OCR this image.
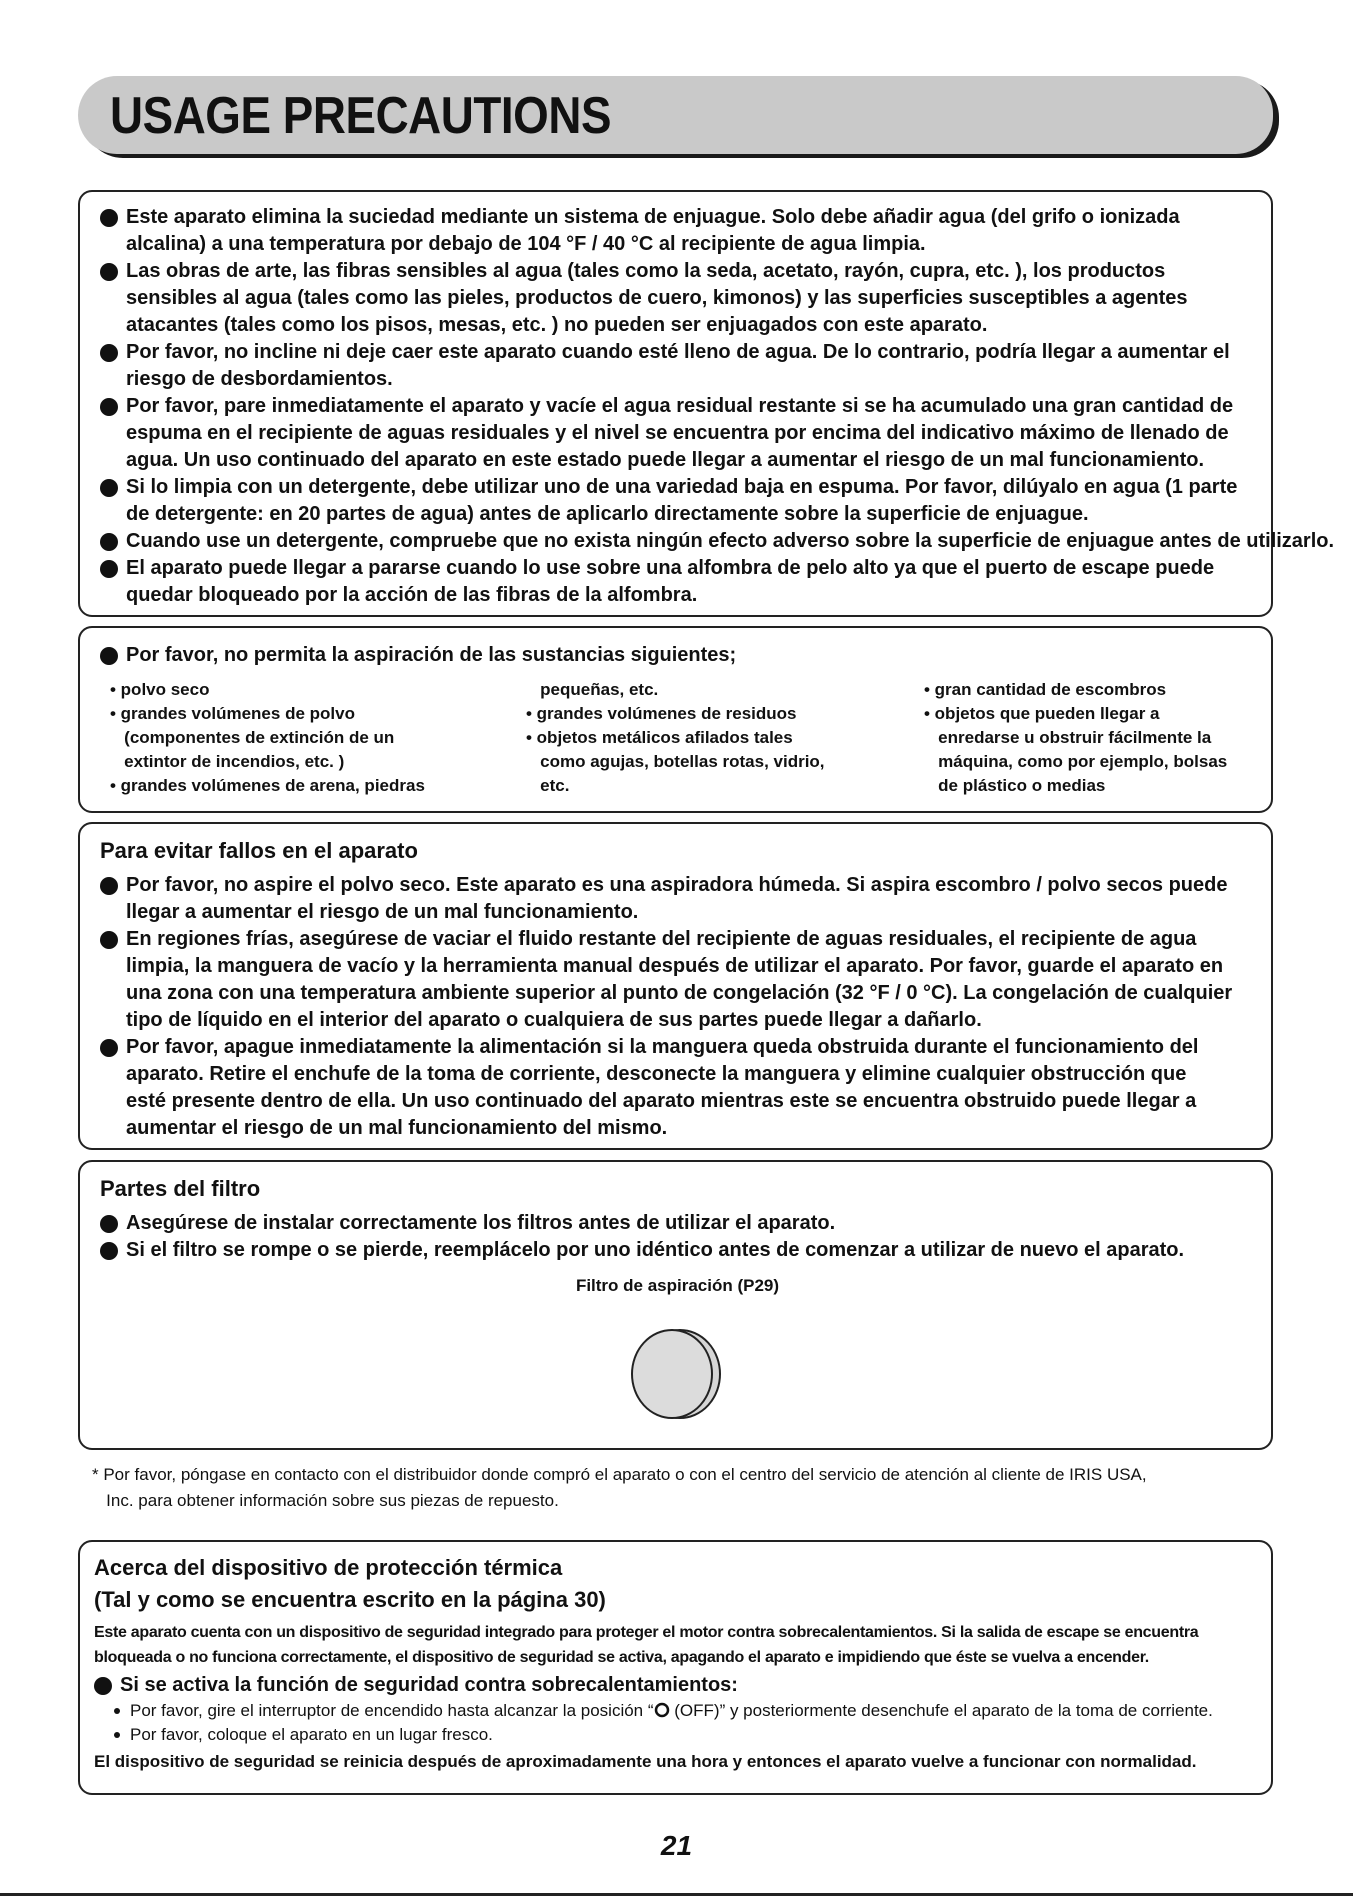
USAGE PRECAUTIONS
Este aparato elimina la suciedad mediante un sistema de enjuague. Solo debe añadir agua (del grifo o ionizada
alcalina) a una temperatura por debajo de 104 °F / 40 °C al recipiente de agua limpia.
Las obras de arte, las fibras sensibles al agua (tales como la seda, acetato, rayón, cupra, etc. ), los productos
sensibles al agua (tales como las pieles, productos de cuero, kimonos) y las superficies susceptibles a agentes
atacantes (tales como los pisos, mesas, etc. ) no pueden ser enjuagados con este aparato.
Por favor, no incline ni deje caer este aparato cuando esté lleno de agua. De lo contrario, podría llegar a aumentar el
riesgo de desbordamientos.
Por favor, pare inmediatamente el aparato y vacíe el agua residual restante si se ha acumulado una gran cantidad de
espuma en el recipiente de aguas residuales y el nivel se encuentra por encima del indicativo máximo de llenado de
agua. Un uso continuado del aparato en este estado puede llegar a aumentar el riesgo de un mal funcionamiento.
Si lo limpia con un detergente, debe utilizar uno de una variedad baja en espuma. Por favor, dilúyalo en agua (1 parte
de detergente: en 20 partes de agua) antes de aplicarlo directamente sobre la superficie de enjuague.
Cuando use un detergente, compruebe que no exista ningún efecto adverso sobre la superficie de enjuague antes de utilizarlo.
El aparato puede llegar a pararse cuando lo use sobre una alfombra de pelo alto ya que el puerto de escape puede
quedar bloqueado por la acción de las fibras de la alfombra.
Por favor, no permita la aspiración de las sustancias siguientes;
• polvo seco
• grandes volúmenes de polvo
(componentes de extinción de un
extintor de incendios, etc. )
• grandes volúmenes de arena, piedras
pequeñas, etc.
• grandes volúmenes de residuos
• objetos metálicos afilados tales
como agujas, botellas rotas, vidrio,
etc.
• gran cantidad de escombros
• objetos que pueden llegar a
enredarse u obstruir fácilmente la
máquina, como por ejemplo, bolsas
de plástico o medias
Para evitar fallos en el aparato
Por favor, no aspire el polvo seco. Este aparato es una aspiradora húmeda. Si aspira escombro / polvo secos puede
llegar a aumentar el riesgo de un mal funcionamiento.
En regiones frías, asegúrese de vaciar el fluido restante del recipiente de aguas residuales, el recipiente de agua
limpia, la manguera de vacío y la herramienta manual después de utilizar el aparato. Por favor, guarde el aparato en
una zona con una temperatura ambiente superior al punto de congelación (32 °F / 0 °C). La congelación de cualquier
tipo de líquido en el interior del aparato o cualquiera de sus partes puede llegar a dañarlo.
Por favor, apague inmediatamente la alimentación si la manguera queda obstruida durante el funcionamiento del
aparato. Retire el enchufe de la toma de corriente, desconecte la manguera y elimine cualquier obstrucción que
esté presente dentro de ella. Un uso continuado del aparato mientras este se encuentra obstruido puede llegar a
aumentar el riesgo de un mal funcionamiento del mismo.
Partes del filtro
Asegúrese de instalar correctamente los filtros antes de utilizar el aparato.
Si el filtro se rompe o se pierde, reemplácelo por uno idéntico antes de comenzar a utilizar de nuevo el aparato.
Filtro de aspiración (P29)
* Por favor, póngase en contacto con el distribuidor donde compró el aparato o con el centro del servicio de atención al cliente de IRIS USA,
Inc. para obtener información sobre sus piezas de repuesto.
Acerca del dispositivo de protección térmica
(Tal y como se encuentra escrito en la página 30)
Este aparato cuenta con un dispositivo de seguridad integrado para proteger el motor contra sobrecalentamientos. Si la salida de escape se encuentra
bloqueada o no funciona correctamente, el dispositivo de seguridad se activa, apagando el aparato e impidiendo que éste se vuelva a encender.
Si se activa la función de seguridad contra sobrecalentamientos:
Por favor, gire el interruptor de encendido hasta alcanzar la posición “ (OFF)” y posteriormente desenchufe el aparato de la toma de corriente.
Por favor, coloque el aparato en un lugar fresco.
El dispositivo de seguridad se reinicia después de aproximadamente una hora y entonces el aparato vuelve a funcionar con normalidad.
21
